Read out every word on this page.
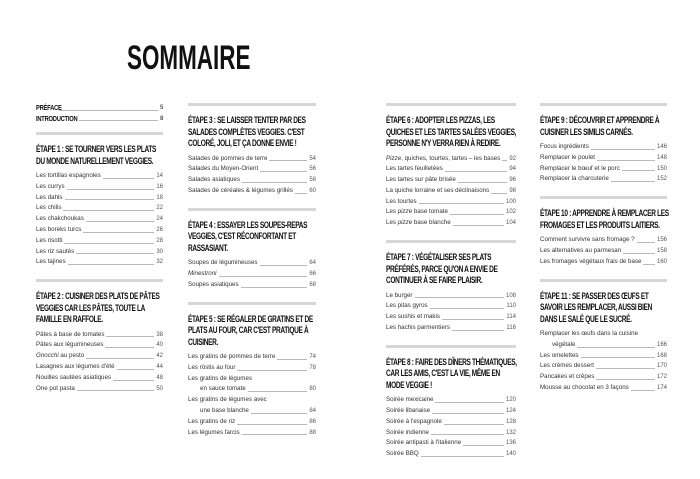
SOMMAIRE
PRÉFACE	5
INTRODUCTION	8
ÉTAPE 1 : SE TOURNER VERS LES PLATS DU MONDE NATURELLEMENT VEGGIES.
Les tortillas espagnoles	14
Les currys	16
Les dahls	18
Les chilis	22
Les chakchoukas	24
Les boreks turcs	26
Les risotti	28
Les riz sautés	30
Les tajines	32
ÉTAPE 2 : CUISINER DES PLATS DE PÂTES VEGGIES CAR LES PÂTES, TOUTE LA FAMILLE EN RAFFOLE.
Pâtes à base de tomates	38
Pâtes aux légumineuses	40
Gnocchi au pesto	42
Lasagnes aux légumes d'été	44
Nouilles sautées asiatiques	48
One pot pasta	50
ÉTAPE 3 : SE LAISSER TENTER PAR DES SALADES COMPLÈTES VEGGIES. C'EST COLORÉ, JOLI, ET ÇA DONNE ENVIE !
Salades de pommes de terre	54
Salades du Moyen-Orient	56
Salades asiatiques	58
Salades de céréales & légumes grillés	60
ÉTAPE 4 : ESSAYER LES SOUPES-REPAS VEGGIES, C'EST RÉCONFORTANT ET RASSASIANT.
Soupes de légumineuses	64
Minestroni	66
Soupes asiatiques	68
ÉTAPE 5 : SE RÉGALER DE GRATINS ET DE PLATS AU FOUR, CAR C'EST PRATIQUE À CUISINER.
Les gratins de pommes de terre	74
Les röstis au four	78
Les gratins de légumes
en sauce tomate	80
Les gratins de légumes avec
une base blanche	84
Les gratins de riz	86
Les légumes farcis	88
ÉTAPE 6 : ADOPTER LES PIZZAS, LES QUICHES ET LES TARTES SALÉES VEGGIES, PERSONNE N'Y VERRA RIEN À REDIRE.
Pizze, quiches, tourtes, tartes – les bases 92
Les tartes feuilletées	94
Les tartes sur pâte brisée	96
La quiche lorraine et ses déclinaisons	98
Les tourtes	100
Les pizze base tomate	102
Les pizze base blanche	104
ÉTAPE 7 : VÉGÉTALISER SES PLATS PRÉFÉRÉS, PARCE QU'ON A ENVIE DE CONTINUER À SE FAIRE PLAISIR.
Le burger	108
Les pitas gyros	110
Les sushis et makis	114
Les hachis parmentiers	116
ÉTAPE 8 : FAIRE DES DÎNERS THÉMATIQUES, CAR LES AMIS, C'EST LA VIE, MÊME EN MODE VEGGIE !
Soirée mexicaine	120
Soirée libanaise	124
Soirée à l'espagnole	128
Soirée indienne	132
Soirée antipasti à l'italienne	136
Soirée BBQ	140
ÉTAPE 9 : DÉCOUVRIR ET APPRENDRE À CUISINER LES SIMILIS CARNÉS.
Focus ingrédients	146
Remplacer le poulet	148
Remplacer le bœuf et le porc	150
Remplacer la charcuterie	152
ÉTAPE 10 : APPRENDRE À REMPLACER LES FROMAGES ET LES PRODUITS LAITIERS.
Comment survivre sans fromage ?	156
Les alternatives au parmesan	158
Les fromages végétaux frais de base	160
ÉTAPE 11 : SE PASSER DES ŒUFS ET SAVOIR LES REMPLACER, AUSSI BIEN DANS LE SALÉ QUE LE SUCRÉ.
Remplacer les œufs dans la cuisine
végétale	166
Les omelettes	168
Les crèmes dessert	170
Pancakes et crêpes	172
Mousse au chocolat en 3 façons	174
